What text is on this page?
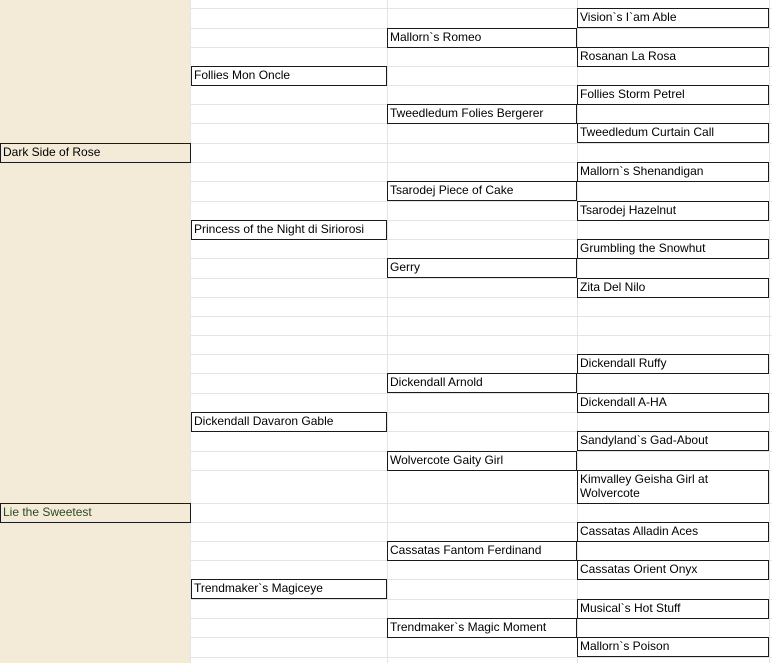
Dark Side of Rose
Lie the Sweetest
Follies Mon Oncle
Princess of the Night di Siriorosi
Dickendall Davaron Gable
Trendmaker`s Magiceye
Mallorn`s Romeo
Tweedledum Folies Bergerer
Tsarodej Piece of Cake
Gerry
Dickendall Arnold
Wolvercote Gaity Girl
Cassatas Fantom Ferdinand
Trendmaker`s Magic Moment
Vision`s I`am Able
Rosanan La Rosa
Follies Storm Petrel
Tweedledum Curtain Call
Mallorn`s Shenandigan
Tsarodej Hazelnut
Grumbling the Snowhut
Zita Del Nilo
Dickendall Ruffy
Dickendall A-HA
Sandyland`s Gad-About
Kimvalley Geisha Girl at Wolvercote
Cassatas Alladin Aces
Cassatas Orient Onyx
Musical`s Hot Stuff
Mallorn`s Poison
